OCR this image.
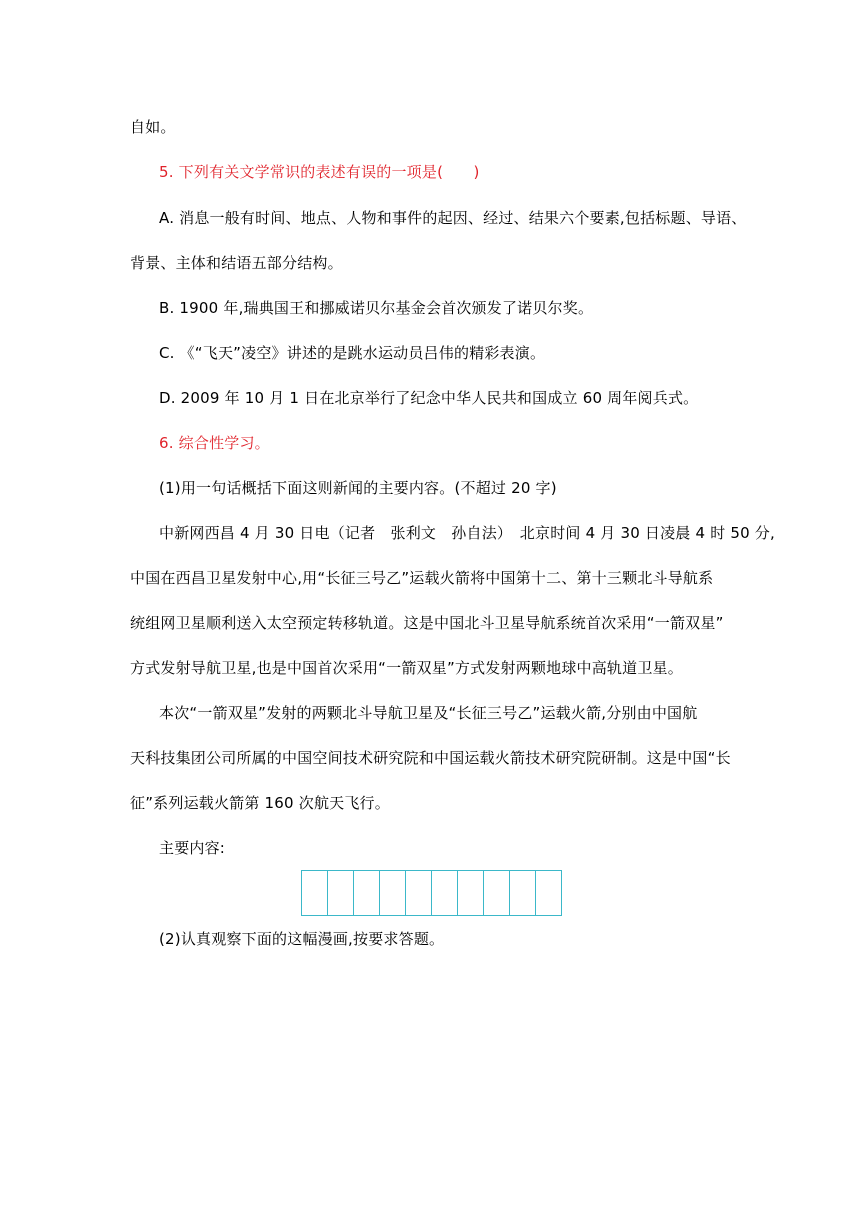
自如。
5. 下列有关文学常识的表述有误的一项是(　　)
A. 消息一般有时间、地点、人物和事件的起因、经过、结果六个要素,包括标题、导语、
背景、主体和结语五部分结构。
B. 1900 年,瑞典国王和挪威诺贝尔基金会首次颁发了诺贝尔奖。
C. 《“飞天”凌空》讲述的是跳水运动员吕伟的精彩表演。
D. 2009 年 10 月 1 日在北京举行了纪念中华人民共和国成立 60 周年阅兵式。
6. 综合性学习。
(1)用一句话概括下面这则新闻的主要内容。(不超过 20 字)
中新网西昌 4 月 30 日电（记者　张利文　孙自法）　北京时间 4 月 30 日凌晨 4 时 50 分,
中国在西昌卫星发射中心,用“长征三号乙”运载火箭将中国第十二、第十三颗北斗导航系
统组网卫星顺利送入太空预定转移轨道。这是中国北斗卫星导航系统首次采用“一箭双星”
方式发射导航卫星,也是中国首次采用“一箭双星”方式发射两颗地球中高轨道卫星。
本次“一箭双星”发射的两颗北斗导航卫星及“长征三号乙”运载火箭,分别由中国航
天科技集团公司所属的中国空间技术研究院和中国运载火箭技术研究院研制。这是中国“长
征”系列运载火箭第 160 次航天飞行。
主要内容:
(2)认真观察下面的这幅漫画,按要求答题。
